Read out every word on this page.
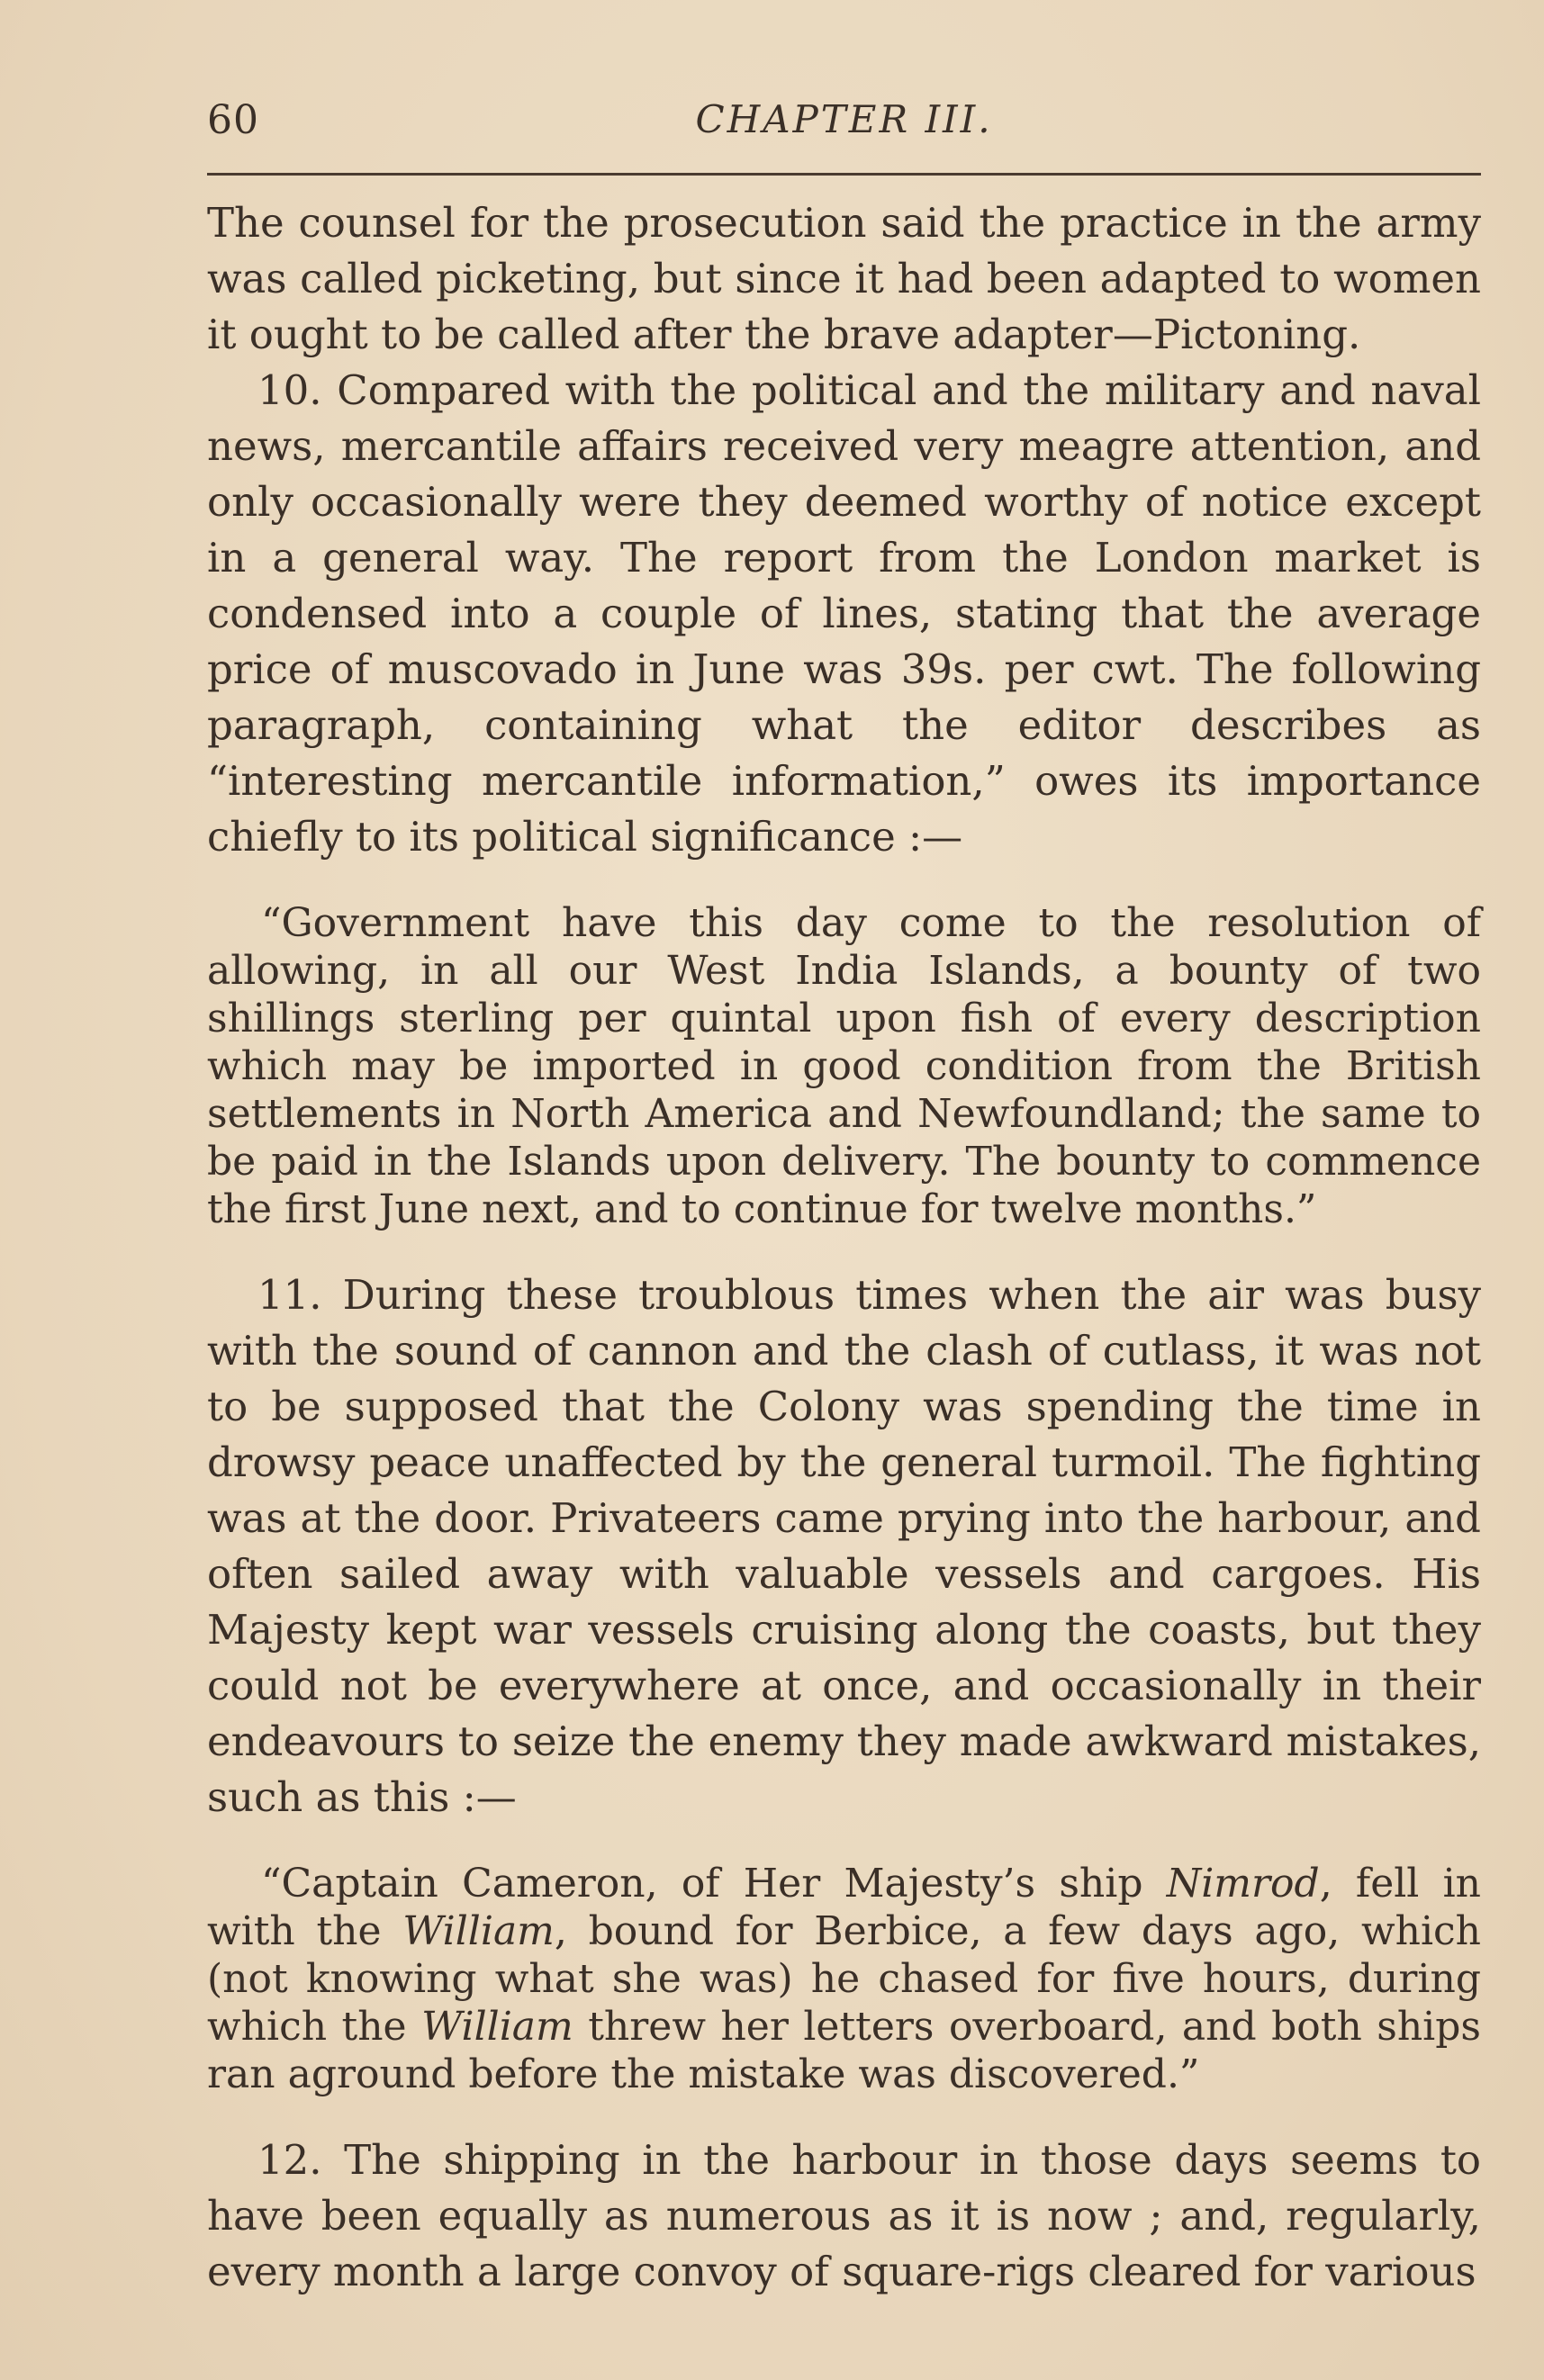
60	CHAPTER III.

The counsel for the prosecution said the practice in the army was called picketing, but since it had been adapted to women it ought to be called after the brave adapter—Pictoning.

10. Compared with the political and the military and naval news, mercantile affairs received very meagre attention, and only occasionally were they deemed worthy of notice except in a general way. The report from the London market is condensed into a couple of lines, stating that the average price of muscovado in June was 39s. per cwt. The following paragraph, containing what the editor describes as “interesting mercantile information,” owes its importance chiefly to its political significance :—

“Government have this day come to the resolution of allowing, in all our West India Islands, a bounty of two shillings sterling per quintal upon fish of every description which may be imported in good condition from the British settlements in North America and Newfoundland; the same to be paid in the Islands upon delivery. The bounty to commence the first June next, and to continue for twelve months.”

11. During these troublous times when the air was busy with the sound of cannon and the clash of cutlass, it was not to be supposed that the Colony was spending the time in drowsy peace unaffected by the general turmoil. The fighting was at the door. Privateers came prying into the harbour, and often sailed away with valuable vessels and cargoes. His Majesty kept war vessels cruising along the coasts, but they could not be everywhere at once, and occasionally in their endeavours to seize the enemy they made awkward mistakes, such as this :—

“Captain Cameron, of Her Majesty’s ship Nimrod, fell in with the William, bound for Berbice, a few days ago, which (not knowing what she was) he chased for five hours, during which the William threw her letters overboard, and both ships ran aground before the mistake was discovered.”

12. The shipping in the harbour in those days seems to have been equally as numerous as it is now ; and, regularly, every month a large convoy of square-rigs cleared for various
